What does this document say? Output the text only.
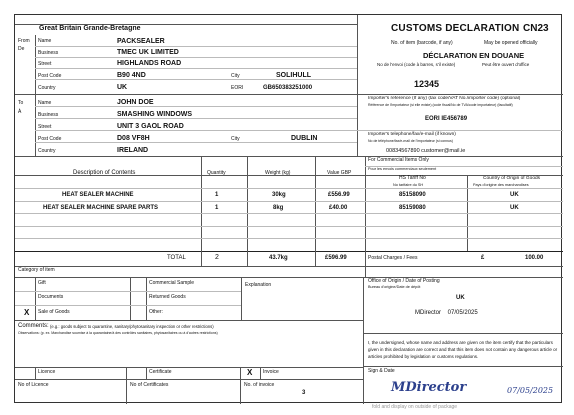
Great Britain Grande-Bretagne	CUSTOMS DECLARATION CN23
No. of item (barcode, if any)	May be opened officially
DÉCLARATION EN DOUANE
No de l'envoi (code à barres, s'il existe)	Peut être ouvert d'office
12345
From
De
Name	PACKSEALER
Business	TMEC UK LIMITED
Street	HIGHLANDS ROAD
Post Code	B90 4ND	City	SOLIHULL
Country	UK	EORI	GB650383251000
To
À
Name	JOHN DOE
Business	SMASHING WINDOWS
Street	UNIT 3 GAOL ROAD
Post Code	D08 VF8H	City	DUBLIN
Country	IRELAND
Importer's reference (If any) (tax code/VAT No./importer code) (optional)
Référence de l'importateur (si elle existe) (code fiscal/No de TVA/code importateur) (facultatif)
EORI IE456789
Importer's telephone/fax/e-mail (if known)
No de téléphone/fax/e-mail de l'importateur (si connus)
00834567890 customer@mail.ie
Description of Contents	Quantity	Weight (kg)	Value GBP
For Commercial Items Only
Pour les envois commerciaux seulement
HS Tariff No
No tarifaire du SH
Country of Origin of Goods
Pays d'origine des marchandises
HEAT SEALER MACHINE	1	30kg	£556.99	85158090	UK
HEAT SEALER MACHINE SPARE PARTS	1	8kg	£40.00	85159080	UK
TOTAL	2	43.7kg	£596.99	Postal Charges / Fees	£	100.00
Category of item
Gift
Documents
X Sale of Goods
Commercial Sample
Returned Goods
Other:
Explanation
Comments: (e.g.: goods subject to quarantine, sanitary/phytosanitary inspection or other restrictions)
Observations: (p. ex. Marchandise soumise à la quarantaine/à des contrôles sanitaires, phytosanitaires ou à d'autres restrictions)
Office of Origin / Date of Posting
Bureau d'origine/Date de dépôt
UK
MDirector    07/05/2025
I, the undersigned, whose name and address are given on the item certify that the particulars given in this declaration are correct and that this item does not contain any dangerous article or articles prohibited by legislation or customs regulations.
Sign & Date
MDirector	07/05/2025
Licence	Certificate	X Invoice
No of Licence	No of Certificates	No. of invoice
3
fold and display on outside of package
